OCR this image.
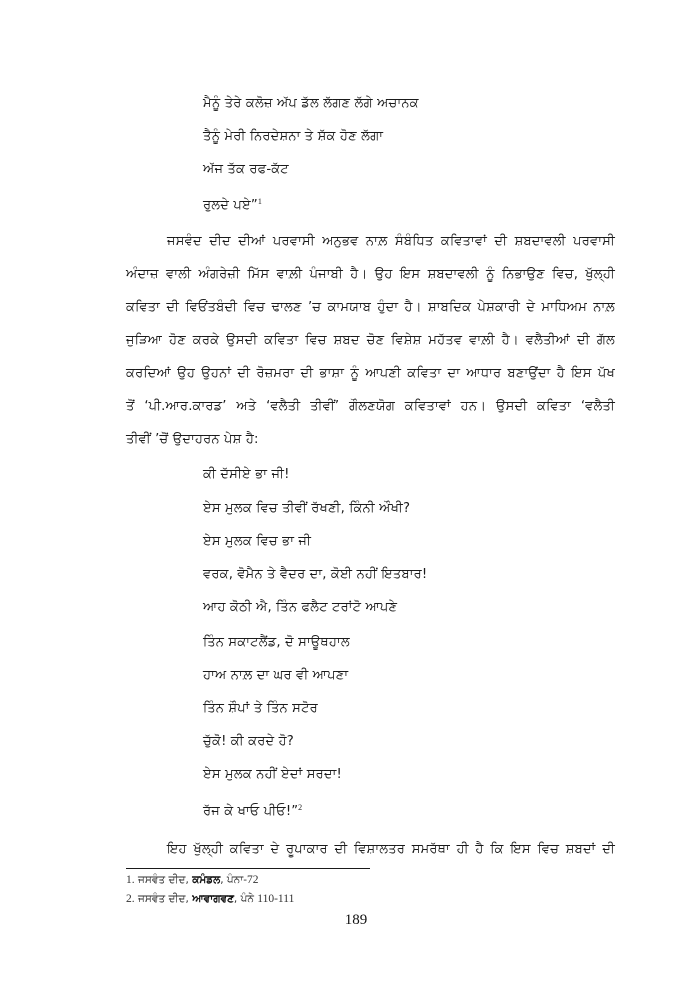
ਮੈਨੂੰ ਤੇਰੇ ਕਲੋਜ਼ ਅੱਪ ਡੱਲ ਲੱਗਣ ਲੱਗੇ ਅਚਾਨਕ
ਤੈਨੂੰ ਮੇਰੀ ਨਿਰਦੇਸ਼ਨਾ ਤੇ ਸ਼ੱਕ ਹੋਣ ਲੱਗਾ
ਅੱਜ ਤੱਕ ਰਫ-ਕੱਟ
ਰੁਲਦੇ ਪਏ”$^1$
ਜਸਵੰਦ ਦੀਦ ਦੀਆਂ ਪਰਵਾਸੀ ਅਨੁਭਵ ਨਾਲ਼ ਸੰਬੰਧਿਤ ਕਵਿਤਾਵਾਂ ਦੀ ਸ਼ਬਦਾਵਲੀ ਪਰਵਾਸੀ
ਅੰਦਾਜ਼ ਵਾਲੀ ਅੰਗਰੇਜ਼ੀ ਮਿੱਸ ਵਾਲ਼ੀ ਪੰਜਾਬੀ ਹੈ। ਉਹ ਇਸ ਸ਼ਬਦਾਵਲੀ ਨੂੰ ਨਿਭਾਉਣ ਵਿਚ, ਖੁੱਲ੍ਹੀ
ਕਵਿਤਾ ਦੀ ਵਿਓਂਤਬੰਦੀ ਵਿਚ ਢਾਲਣ ’ਚ ਕਾਮਯਾਬ ਹੁੰਦਾ ਹੈ। ਸ਼ਾਬਦਿਕ ਪੇਸ਼ਕਾਰੀ ਦੇ ਮਾਧਿਅਮ ਨਾਲ਼
ਜੁੜਿਆ ਹੋਣ ਕਰਕੇ ਉਸਦੀ ਕਵਿਤਾ ਵਿਚ ਸ਼ਬਦ ਚੋਣ ਵਿਸ਼ੇਸ਼ ਮਹੱਤਵ ਵਾਲ਼ੀ ਹੈ। ਵਲੈਤੀਆਂ ਦੀ ਗੱਲ
ਕਰਦਿਆਂ ਉਹ ਉਹਨਾਂ ਦੀ ਰੋਜ਼ਮਰਾ ਦੀ ਭਾਸ਼ਾ ਨੂੰ ਆਪਣੀ ਕਵਿਤਾ ਦਾ ਆਧਾਰ ਬਣਾਉਂਦਾ ਹੈ ਇਸ ਪੱਖ
ਤੋਂ ‘ਪੀ.ਆਰ.ਕਾਰਡ’ ਅਤੇ ‘ਵਲੈਤੀ ਤੀਵੀਂ’ ਗੌਲਣਯੋਗ ਕਵਿਤਾਵਾਂ ਹਨ। ਉਸਦੀ ਕਵਿਤਾ ‘ਵਲੈਤੀ
ਤੀਵੀਂ ’ਚੋਂ ਉਦਾਹਰਨ ਪੇਸ਼ ਹੈ:
ਕੀ ਦੱਸੀਏ ਭਾ ਜੀ!
ਏਸ ਮੁਲਕ ਵਿਚ ਤੀਵੀਂ ਰੱਖਣੀ, ਕਿੰਨੀ ਔਖੀ?
ਏਸ ਮੁਲਕ ਵਿਚ ਭਾ ਜੀ
ਵਰਕ, ਵੋਮੈਨ ਤੇ ਵੈਦਰ ਦਾ, ਕੋਈ ਨਹੀਂ ਇਤਬਾਰ!
ਆਹ ਕੋਠੀ ਐ, ਤਿੰਨ ਫਲੈਟ ਟਰਾਂਟੋ ਆਪਣੇ
ਤਿੰਨ ਸਕਾਟਲੈਂਡ, ਦੋ ਸਾਊਥਹਾਲ
ਹਾਅ ਨਾਲ਼ ਦਾ ਘਰ ਵੀ ਆਪਣਾ
ਤਿੰਨ ਸ਼ੌਪਾਂ ਤੇ ਤਿੰਨ ਸਟੋਰ
ਚੁੱਕੋ! ਕੀ ਕਰਦੇ ਹੋ?
ਏਸ ਮੁਲਕ ਨਹੀਂ ਏਦਾਂ ਸਰਦਾ!
ਰੱਜ ਕੇ ਖਾਓ ਪੀਓ!”$^2$
ਇਹ ਖੁੱਲ੍ਹੀ ਕਵਿਤਾ ਦੇ ਰੂਪਾਕਾਰ ਦੀ ਵਿਸ਼ਾਲਤਰ ਸਮਰੱਥਾ ਹੀ ਹੈ ਕਿ ਇਸ ਵਿਚ ਸ਼ਬਦਾਂ ਦੀ
1. ਜਸਵੰਤ ਦੀਦ, ਕਮੰਡਲ, ਪੰਨਾ-72
2. ਜਸਵੰਤ ਦੀਦ, ਆਵਾਗਵਣ, ਪੰਨੇ 110-111
189
